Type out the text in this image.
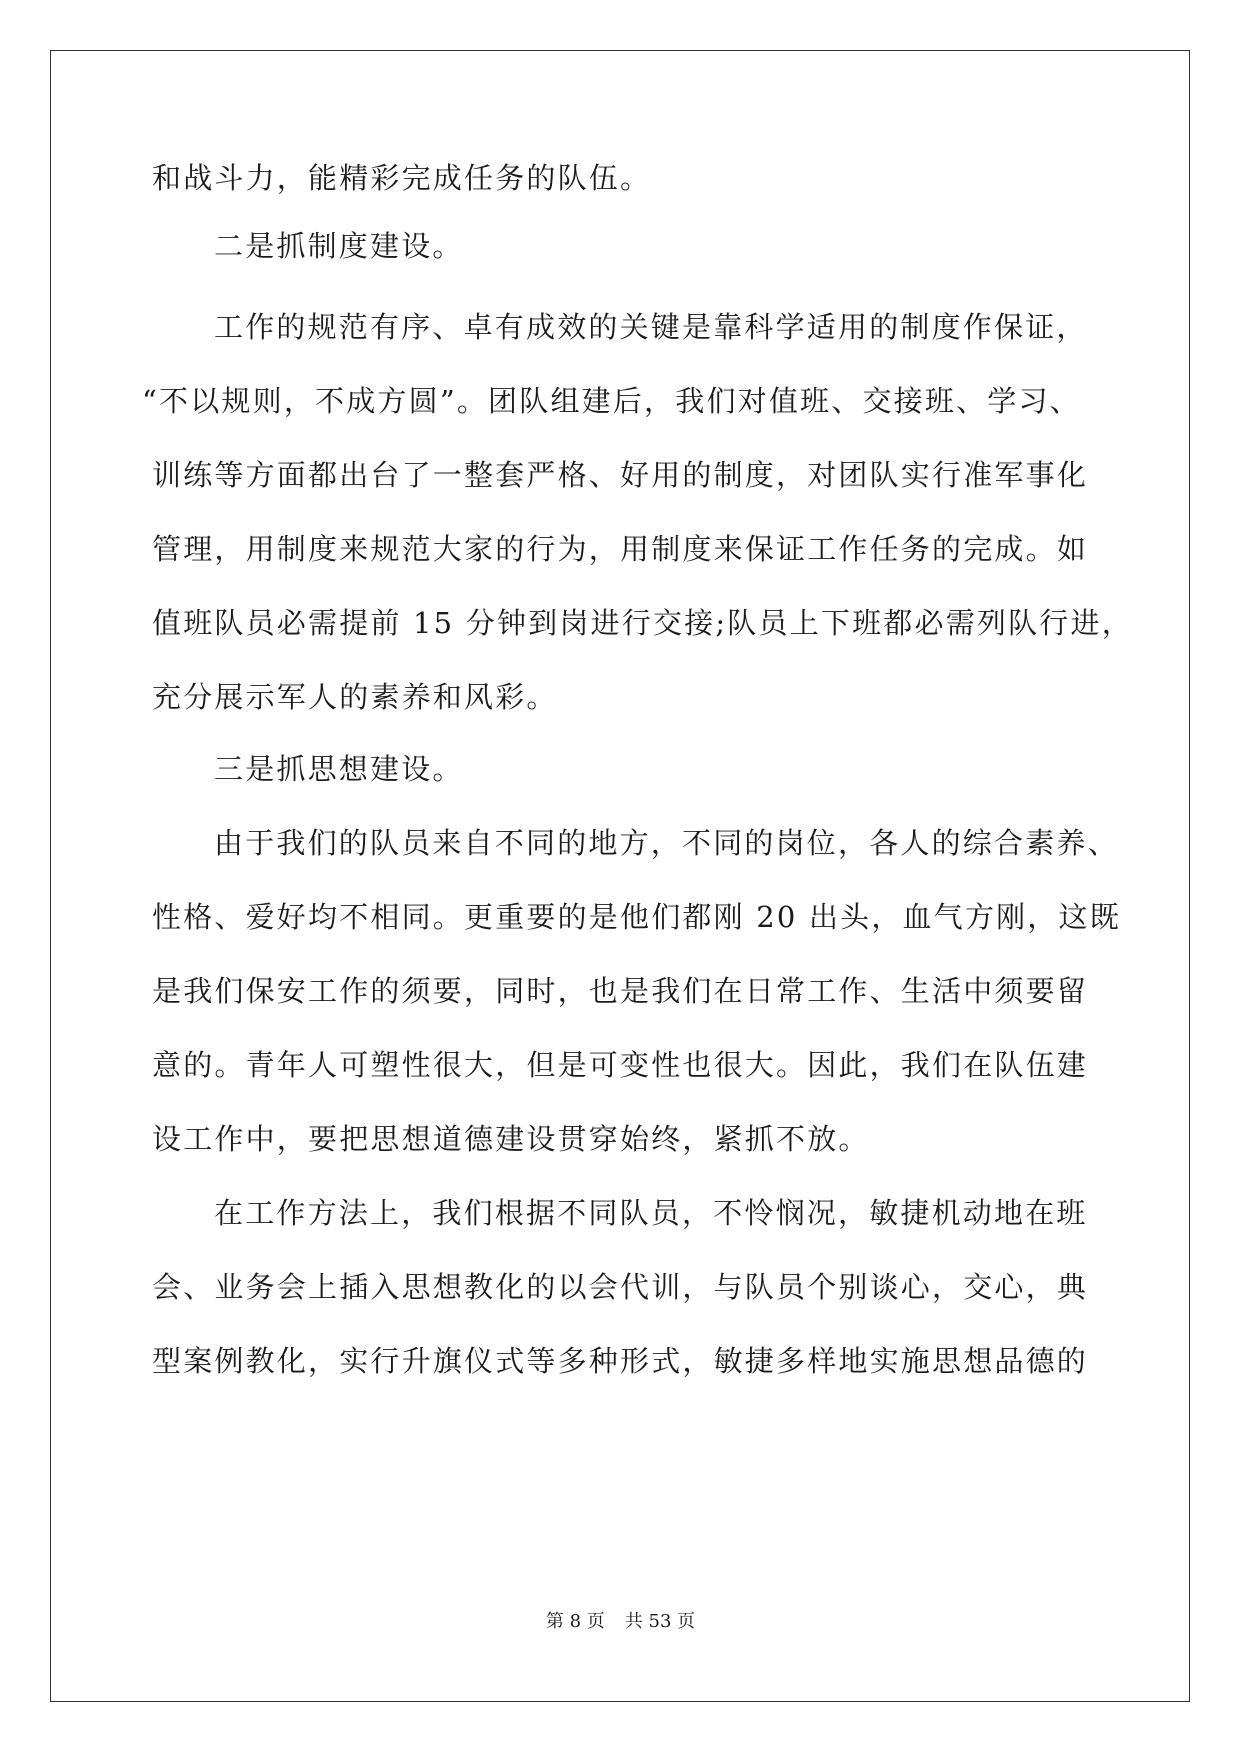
和战斗力，能精彩完成任务的队伍。
二是抓制度建设。
工作的规范有序、卓有成效的关键是靠科学适用的制度作保证，
“不以规则，不成方圆”。团队组建后，我们对值班、交接班、学习、
训练等方面都出台了一整套严格、好用的制度，对团队实行准军事化
管理，用制度来规范大家的行为，用制度来保证工作任务的完成。如
值班队员必需提前 15 分钟到岗进行交接;队员上下班都必需列队行进，
充分展示军人的素养和风彩。
三是抓思想建设。
由于我们的队员来自不同的地方，不同的岗位，各人的综合素养、
性格、爱好均不相同。更重要的是他们都刚 20 出头，血气方刚，这既
是我们保安工作的须要，同时，也是我们在日常工作、生活中须要留
意的。青年人可塑性很大，但是可变性也很大。因此，我们在队伍建
设工作中，要把思想道德建设贯穿始终，紧抓不放。
在工作方法上，我们根据不同队员，不怜悯况，敏捷机动地在班
会、业务会上插入思想教化的以会代训，与队员个别谈心，交心，典
型案例教化，实行升旗仪式等多种形式，敏捷多样地实施思想品德的
第 8 页 共 53 页
